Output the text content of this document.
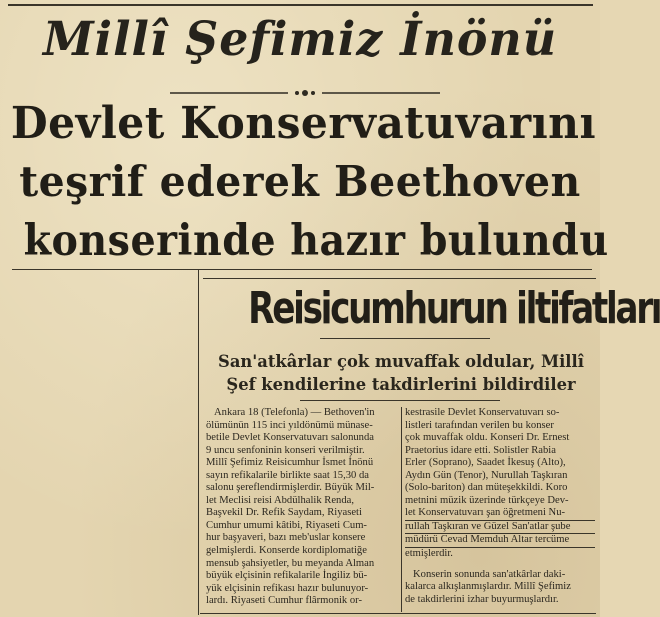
Millî Şefimiz İnönü
Devlet Konservatuvarını
teşrif ederek Beethoven
konserinde hazır bulundu
Reisicumhurun iltifatları
San'atkârlar çok muvaffak oldular, Millî
Şef kendilerine takdirlerini bildirdiler

Ankara 18 (Telefonla) — Bethoven'in

ölümünün 115 inci yıldönümü münase-

betile Devlet Konservatuvarı salonunda

9 uncu senfoninin konseri verilmiştir.

Millî Şefimiz Reisicumhur İsmet İnönü

sayın refikalarile birlikte saat 15,30 da

salonu şereflendirmişlerdir. Büyük Mil-

let Meclisi reisi Abdülhalik Renda,

Başvekil Dr. Refik Saydam, Riyaseti

Cumhur umumi kâtibi, Riyaseti Cum-

hur başyaveri, bazı meb'uslar konsere

gelmişlerdi. Konserde kordiplomatiğe

mensub şahsiyetler, bu meyanda Alman

büyük elçisinin refikalarile İngiliz bü-

yük elçisinin refikası hazır bulunuyor-

lardı. Riyaseti Cumhur flârmonik or-

kestrasile Devlet Konservatuvarı so-

listleri tarafından verilen bu konser

çok muvaffak oldu. Konseri Dr. Ernest

Praetorius idare etti. Solistler Rabia

Erler (Soprano), Saadet İkesuş (Alto),

Aydın Gün (Tenor), Nurullah Taşkıran

(Solo-bariton) dan müteşekkildi. Koro

metnini müzik üzerinde türkçeye Dev-

let Konservatuvarı şan öğretmeni Nu-

rullah Taşkıran ve Güzel San'atlar şube

müdürü Cevad Memduh Altar tercüme

etmişlerdir.

Konserin sonunda san'atkârlar daki-

kalarca alkışlanmışlardır. Millî Şefimiz

de takdirlerini izhar buyurmuşlardır.
